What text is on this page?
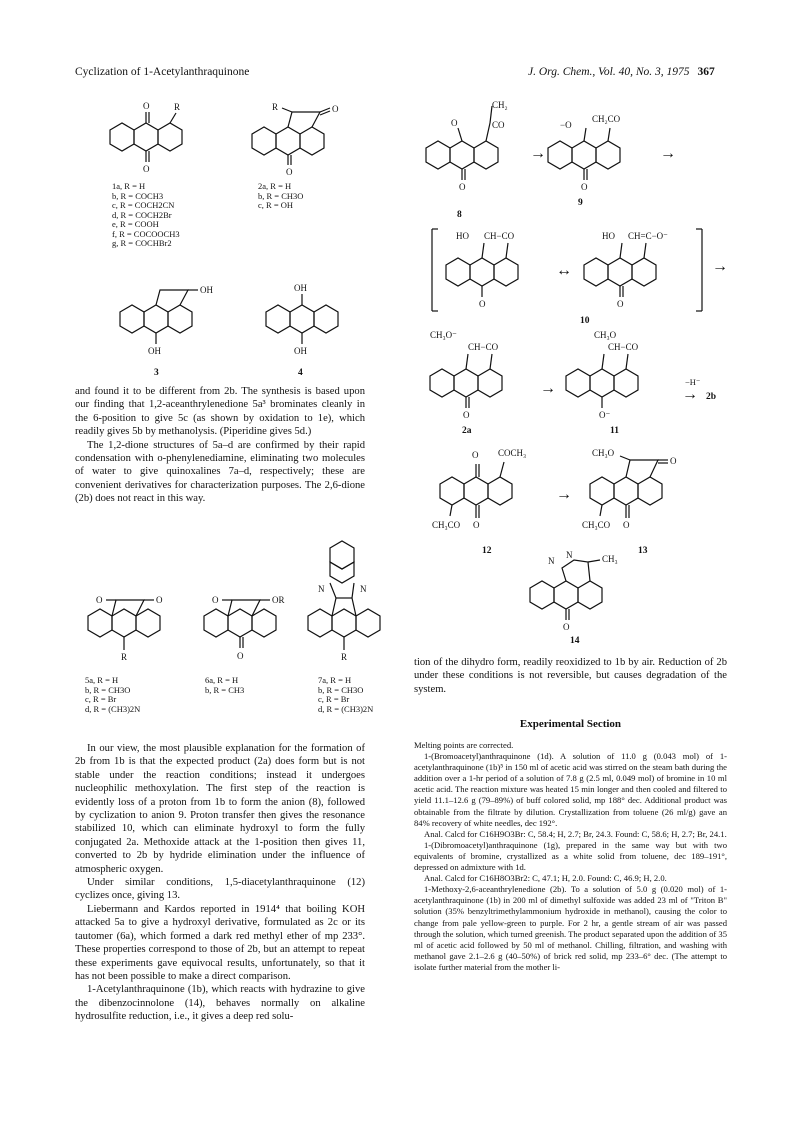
Cyclization of 1-Acetylanthraquinone	J. Org. Chem., Vol. 40, No. 3, 1975 367
O	R
O
1a, R = H
b, R = COCH3
c, R = COCH2CN
d, R = COCH2Br
e, R = COOH
f, R = COCOOCH3
g, R = COCHBr2
R	O
O
2a, R = H
b, R = CH3O
c, R = OH
OH
OH
3
OH
OH
4

and found it to be different from 2b. The synthesis is based upon our finding that 1,2-aceanthrylenedione 5a³ brominates cleanly in the 6-position to give 5c (as shown by oxidation to 1e), which readily gives 5b by methanolysis. (Piperidine gives 5d.)

The 1,2-dione structures of 5a–d are confirmed by their rapid condensation with o-phenylenediamine, eliminating two molecules of water to give quinoxalines 7a–d, respectively; these are convenient derivatives for characterization purposes. The 2,6-dione (2b) does not react in this way.

O	O
R
5a, R = H
b, R = CH3O
c, R = Br
d, R = (CH3)2N
O	OR
O
6a, R = H
b, R = CH3
N	N
R
7a, R = H
b, R = CH3O
c, R = Br
d, R = (CH3)2N

In our view, the most plausible explanation for the formation of 2b from 1b is that the expected product (2a) does form but is not stable under the reaction conditions; instead it undergoes nucleophilic methoxylation. The first step of the reaction is evidently loss of a proton from 1b to form the anion (8), followed by cyclization to anion 9. Proton transfer then gives the resonance stabilized 10, which can eliminate hydroxyl to form the fully conjugated 2a. Methoxide attack at the 1-position then gives 11, converted to 2b by hydride elimination under the influence of atmospheric oxygen.

Under similar conditions, 1,5-diacetylanthraquinone (12) cyclizes once, giving 13.

Liebermann and Kardos reported in 1914⁴ that boiling KOH attacked 5a to give a hydroxyl derivative, formulated as 2c or its tautomer (6a), which formed a dark red methyl ether of mp 233°. These properties correspond to those of 2b, but an attempt to repeat these experiments gave equivocal results, unfortunately, so that it has not been possible to make a direct comparison.

1-Acetylanthraquinone (1b), which reacts with hydrazine to give the dibenzocinnolone (14), behaves normally on alkaline hydrosulfite reduction, i.e., it gives a deep red solu-

O	CO
CH₂
O
8
→
−O
CH₂CO
O
9
→
HO CH−CO
O
↔
HO CH=C−O⁻
O
→
10
CH₃O⁻
CH−CO
O
2a
→
CH₃O
CH−CO
O⁻
11
−H⁻
→ 2b
O COCH₃
CH₃CO O
12
→
CH₃O
O
CH₃CO O
13
N
N	CH₃
O
14

tion of the dihydro form, readily reoxidized to 1b by air. Reduction of 2b under these conditions is not reversible, but causes degradation of the system.

Experimental Section

Melting points are corrected.

1-(Bromoacetyl)anthraquinone (1d). A solution of 11.0 g (0.043 mol) of 1-acetylanthraquinone (1b)⁵ in 150 ml of acetic acid was stirred on the steam bath during the addition over a 1-hr period of a solution of 7.8 g (2.5 ml, 0.049 mol) of bromine in 10 ml acetic acid. The reaction mixture was heated 15 min longer and then cooled and filtered to yield 11.1–12.6 g (79–89%) of buff colored solid, mp 188° dec. Additional product was obtainable from the filtrate by dilution. Crystallization from toluene (26 ml/g) gave an 84% recovery of white needles, dec 192°.

Anal. Calcd for C16H9O3Br: C, 58.4; H, 2.7; Br, 24.3. Found: C, 58.6; H, 2.7; Br, 24.1.

1-(Dibromoacetyl)anthraquinone (1g), prepared in the same way but with two equivalents of bromine, crystallized as a white solid from toluene, dec 189–191°, depressed on admixture with 1d.

Anal. Calcd for C16H8O3Br2: C, 47.1; H, 2.0. Found: C, 46.9; H, 2.0.

1-Methoxy-2,6-aceanthrylenedione (2b). To a solution of 5.0 g (0.020 mol) of 1-acetylanthraquinone (1b) in 200 ml of dimethyl sulfoxide was added 23 ml of "Triton B" solution (35% benzyltrimethylammonium hydroxide in methanol), causing the color to change from pale yellow-green to purple. For 2 hr, a gentle stream of air was passed through the solution, which turned greenish. The product separated upon the addition of 35 ml of acetic acid followed by 50 ml of methanol. Chilling, filtration, and washing with methanol gave 2.1–2.6 g (40–50%) of brick red solid, mp 233–6° dec. (The attempt to isolate further material from the mother li-
